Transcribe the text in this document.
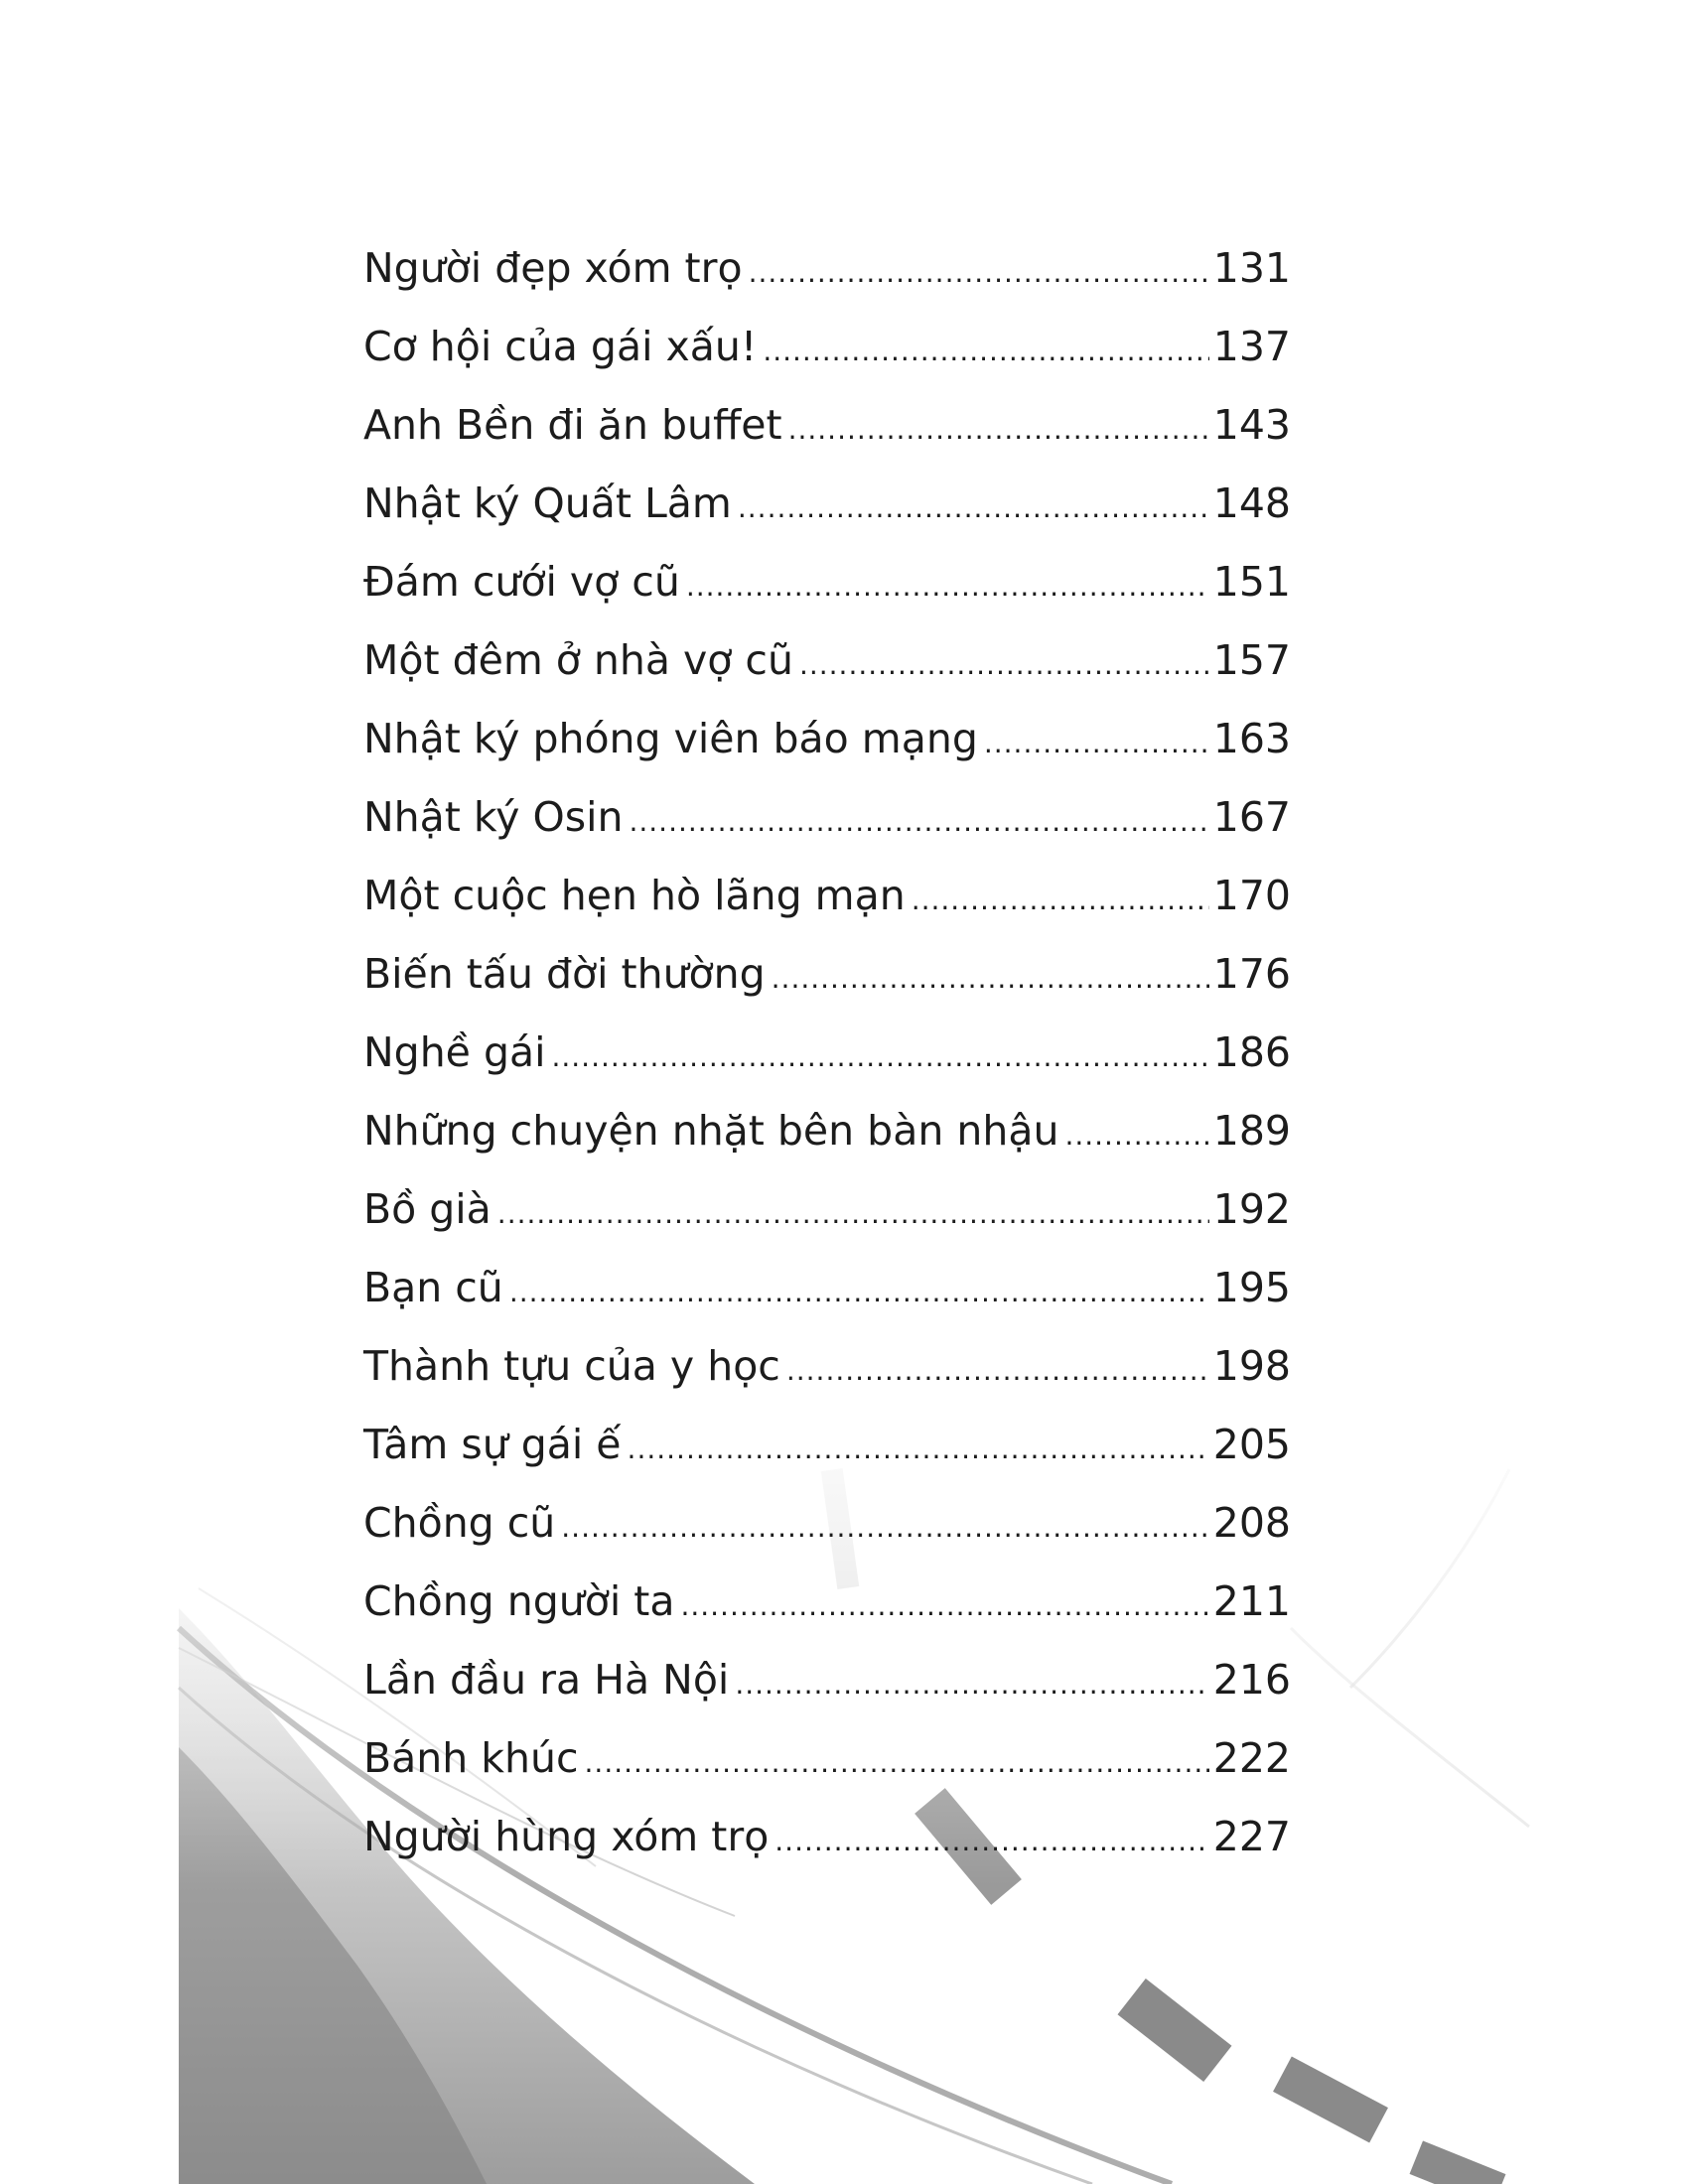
Người đẹp xóm trọ .....	131
Cơ hội của gái xấu! .....	137
Anh Bền đi ăn buffet .....	143
Nhật ký Quất Lâm .....	148
Đám cưới vợ cũ .....	151
Một đêm ở nhà vợ cũ .....	157
Nhật ký phóng viên báo mạng .....	163
Nhật ký Osin .....	167
Một cuộc hẹn hò lãng mạn .....	170
Biến tấu đời thường .....	176
Nghề gái .....	186
Những chuyện nhặt bên bàn nhậu .....	189
Bồ già .....	192
Bạn cũ .....	195
Thành tựu của y học .....	198
Tâm sự gái ế .....	205
Chồng cũ .....	208
Chồng người ta .....	211
Lần đầu ra Hà Nội .....	216
Bánh khúc .....	222
Người hùng xóm trọ .....	227
